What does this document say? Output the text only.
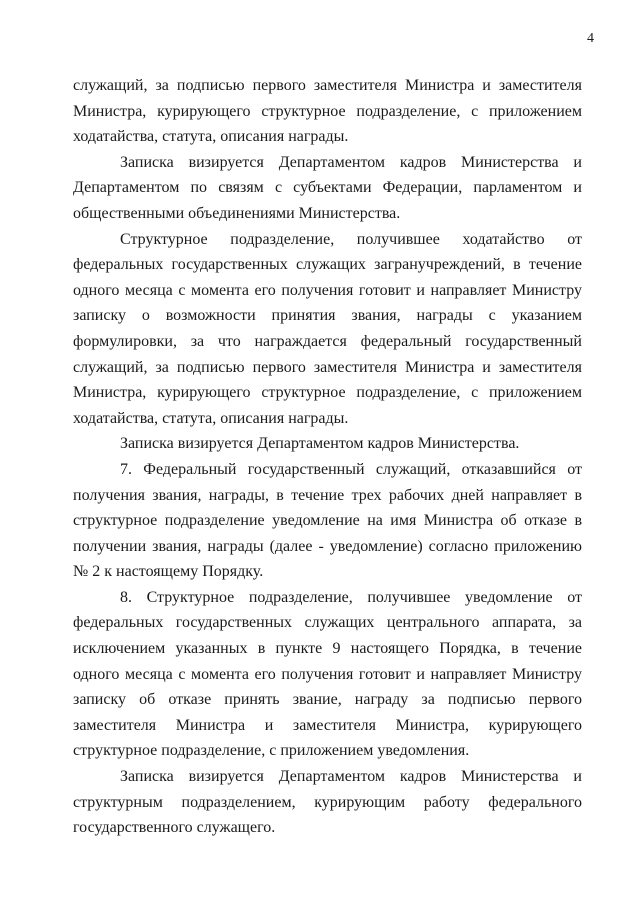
4

служащий, за подписью первого заместителя Министра и заместителя Министра, курирующего структурное подразделение, с приложением ходатайства, статута, описания награды.

Записка визируется Департаментом кадров Министерства и Департаментом по связям с субъектами Федерации, парламентом и общественными объединениями Министерства.

Структурное подразделение, получившее ходатайство от федеральных государственных служащих загранучреждений, в течение одного месяца с момента его получения готовит и направляет Министру записку о возможности принятия звания, награды с указанием формулировки, за что награждается федеральный государственный служащий, за подписью первого заместителя Министра и заместителя Министра, курирующего структурное подразделение, с приложением ходатайства, статута, описания награды.

Записка визируется Департаментом кадров Министерства.

7. Федеральный государственный служащий, отказавшийся от получения звания, награды, в течение трех рабочих дней направляет в структурное подразделение уведомление на имя Министра об отказе в получении звания, награды (далее - уведомление) согласно приложению № 2 к настоящему Порядку.

8. Структурное подразделение, получившее уведомление от федеральных государственных служащих центрального аппарата, за исключением указанных в пункте 9 настоящего Порядка, в течение одного месяца с момента его получения готовит и направляет Министру записку об отказе принять звание, награду за подписью первого заместителя Министра и заместителя Министра, курирующего структурное подразделение, с приложением уведомления.

Записка визируется Департаментом кадров Министерства и структурным подразделением, курирующим работу федерального государственного служащего.
